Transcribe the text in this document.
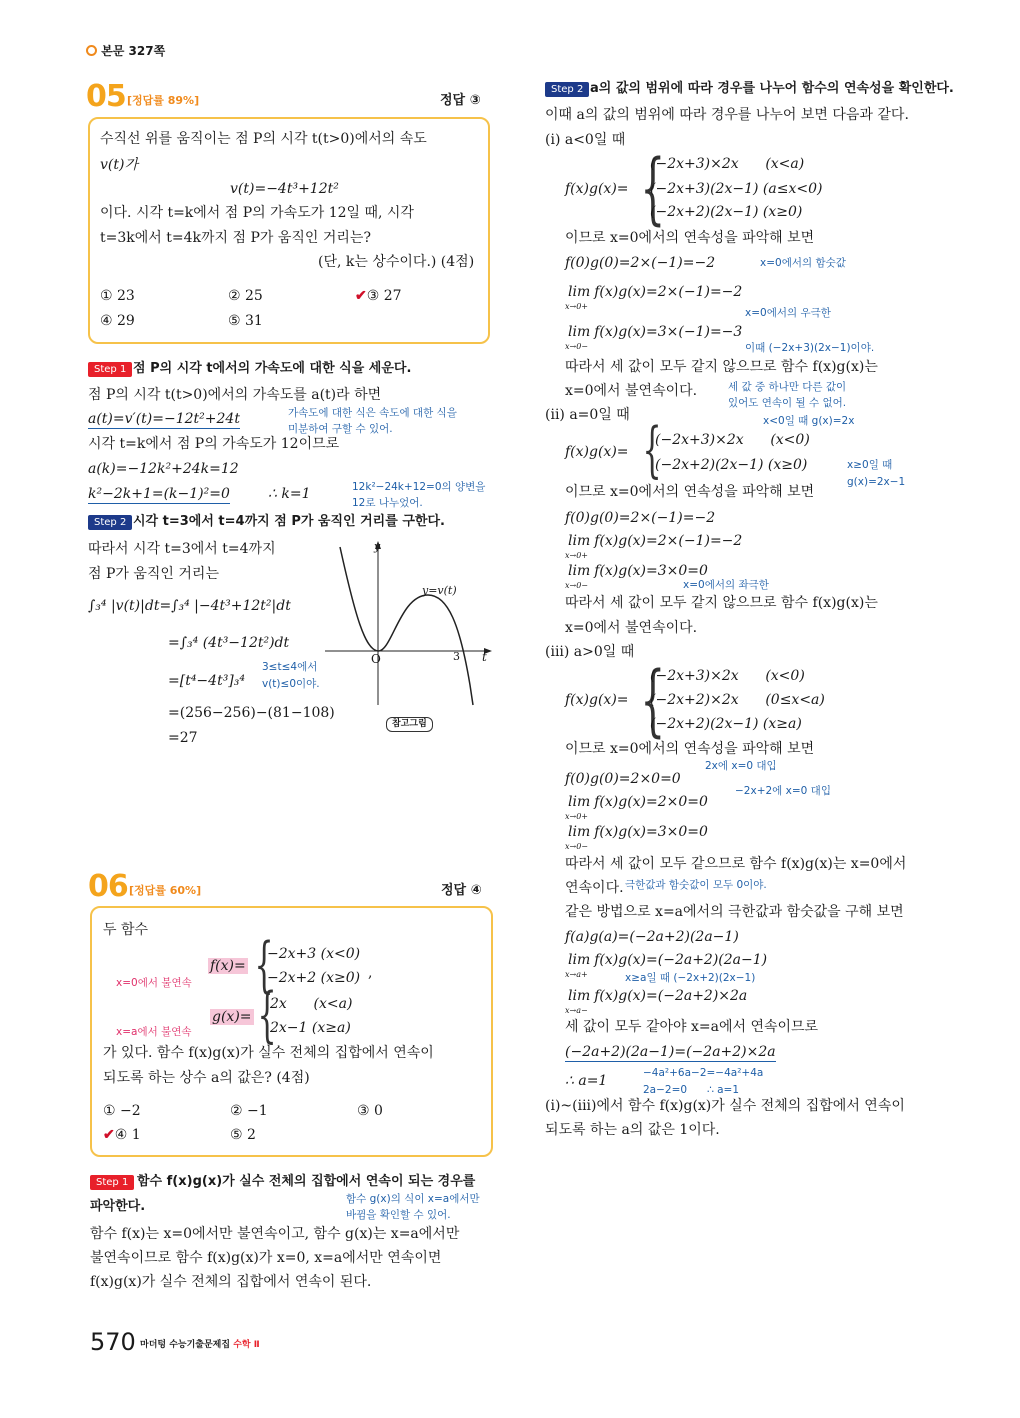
본문 327쪽
05 [정답률 89%]	정답 ③
수직선 위를 움직이는 점 P의 시각 t(t>0)에서의 속도
v(t)가
v(t)=−4t³+12t²
이다. 시각 t=k에서 점 P의 가속도가 12일 때, 시각
t=3k에서 t=4k까지 점 P가 움직인 거리는?
(단, k는 상수이다.) (4점)
① 23	② 25	✔③ 27
④ 29	⑤ 31
Step 1 점 P의 시각 t에서의 가속도에 대한 식을 세운다.
점 P의 시각 t(t>0)에서의 가속도를 a(t)라 하면
a(t)=v′(t)=−12t²+24t	가속도에 대한 식은 속도에 대한 식을
미분하여 구할 수 있어.
시각 t=k에서 점 P의 가속도가 12이므로
a(k)=−12k²+24k=12
k²−2k+1=(k−1)²=0	∴ k=1	12k²−24k+12=0의 양변을
12로 나누었어.
Step 2 시각 t=3에서 t=4까지 점 P가 움직인 거리를 구한다.
따라서 시각 t=3에서 t=4까지
점 P가 움직인 거리는
∫₃⁴ |v(t)|dt=∫₃⁴ |−4t³+12t²|dt
=∫₃⁴ (4t³−12t²)dt
=[t⁴−4t³]₃⁴
3≤t≤4에서
v(t)≤0이야.
=(256−256)−(81−108)
=27
y
t
O	3
y=v(t)
참고그림
06 [정답률 60%]	정답 ④
두 함수
f(x)= {
−2x+3 (x<0)
−2x+2 (x≥0) ,
x=0에서 불연속
g(x)= {
2x      (x<a)
2x−1 (x≥a)
x=a에서 불연속
가 있다. 함수 f(x)g(x)가 실수 전체의 집합에서 연속이
되도록 하는 상수 a의 값은? (4점)
① −2	② −1	③ 0
✔④ 1	⑤ 2
Step 1 함수 f(x)g(x)가 실수 전체의 집합에서 연속이 되는 경우를
파악한다.	함수 g(x)의 식이 x=a에서만
바뀜을 확인할 수 있어.
함수 f(x)는 x=0에서만 불연속이고, 함수 g(x)는 x=a에서만
불연속이므로 함수 f(x)g(x)가 x=0, x=a에서만 연속이면
f(x)g(x)가 실수 전체의 집합에서 연속이 된다.
570 마더텅 수능기출문제집 수학 Ⅱ
Step 2 a의 값의 범위에 따라 경우를 나누어 함수의 연속성을 확인한다.
이때 a의 값의 범위에 따라 경우를 나누어 보면 다음과 같다.
(i) a<0일 때
f(x)g(x)= {
(−2x+3)×2x      (x<a)
(−2x+3)(2x−1) (a≤x<0)
(−2x+2)(2x−1) (x≥0)
이므로 x=0에서의 연속성을 파악해 보면
f(0)g(0)=2×(−1)=−2	x=0에서의 함숫값
lim
x→0+
f(x)g(x)=2×(−1)=−2
x=0에서의 우극한
lim
x→0−
f(x)g(x)=3×(−1)=−3
이때 (−2x+3)(2x−1)이야.
따라서 세 값이 모두 같지 않으므로 함수 f(x)g(x)는
x=0에서 불연속이다.	세 값 중 하나만 다른 값이
있어도 연속이 될 수 없어.
(ii) a=0일 때	x<0일 때 g(x)=2x
f(x)g(x)= {
(−2x+3)×2x      (x<0)
(−2x+2)(2x−1) (x≥0)	x≥0일 때
g(x)=2x−1
이므로 x=0에서의 연속성을 파악해 보면
f(0)g(0)=2×(−1)=−2
lim
x→0+
f(x)g(x)=2×(−1)=−2
lim
x→0−
f(x)g(x)=3×0=0
x=0에서의 좌극한
따라서 세 값이 모두 같지 않으므로 함수 f(x)g(x)는
x=0에서 불연속이다.
(iii) a>0일 때
f(x)g(x)= {
(−2x+3)×2x      (x<0)
(−2x+2)×2x      (0≤x<a)
(−2x+2)(2x−1) (x≥a)
이므로 x=0에서의 연속성을 파악해 보면
2x에 x=0 대입
f(0)g(0)=2×0=0
−2x+2에 x=0 대입
lim
x→0+
f(x)g(x)=2×0=0
lim
x→0−
f(x)g(x)=3×0=0
따라서 세 값이 모두 같으므로 함수 f(x)g(x)는 x=0에서
연속이다. 극한값과 함숫값이 모두 0이야.
같은 방법으로 x=a에서의 극한값과 함숫값을 구해 보면
f(a)g(a)=(−2a+2)(2a−1)
lim
x→a+
f(x)g(x)=(−2a+2)(2a−1)
x≥a일 때 (−2x+2)(2x−1)
lim
x→a−
f(x)g(x)=(−2a+2)×2a
세 값이 모두 같아야 x=a에서 연속이므로
(−2a+2)(2a−1)=(−2a+2)×2a
−4a²+6a−2=−4a²+4a
∴ a=1
2a−2=0      ∴ a=1
(i)~(iii)에서 함수 f(x)g(x)가 실수 전체의 집합에서 연속이
되도록 하는 a의 값은 1이다.
